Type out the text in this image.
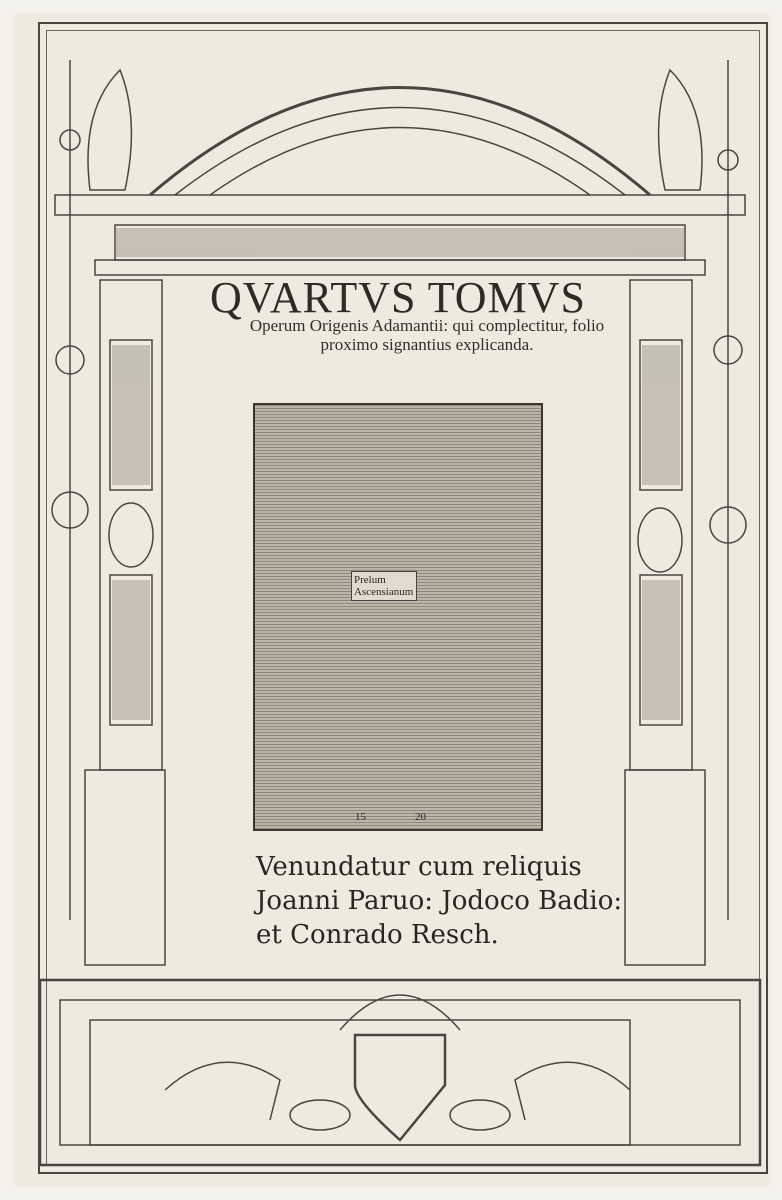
QVARTVS TOMVS
Operum Origenis Adamantii: qui complectitur, folio proximo signantius explicanda.
Prelum
Ascensianum
15	20
Venundatur cum reliquis Joanni Paruo: Jodoco Badio: et Conrado Resch.
